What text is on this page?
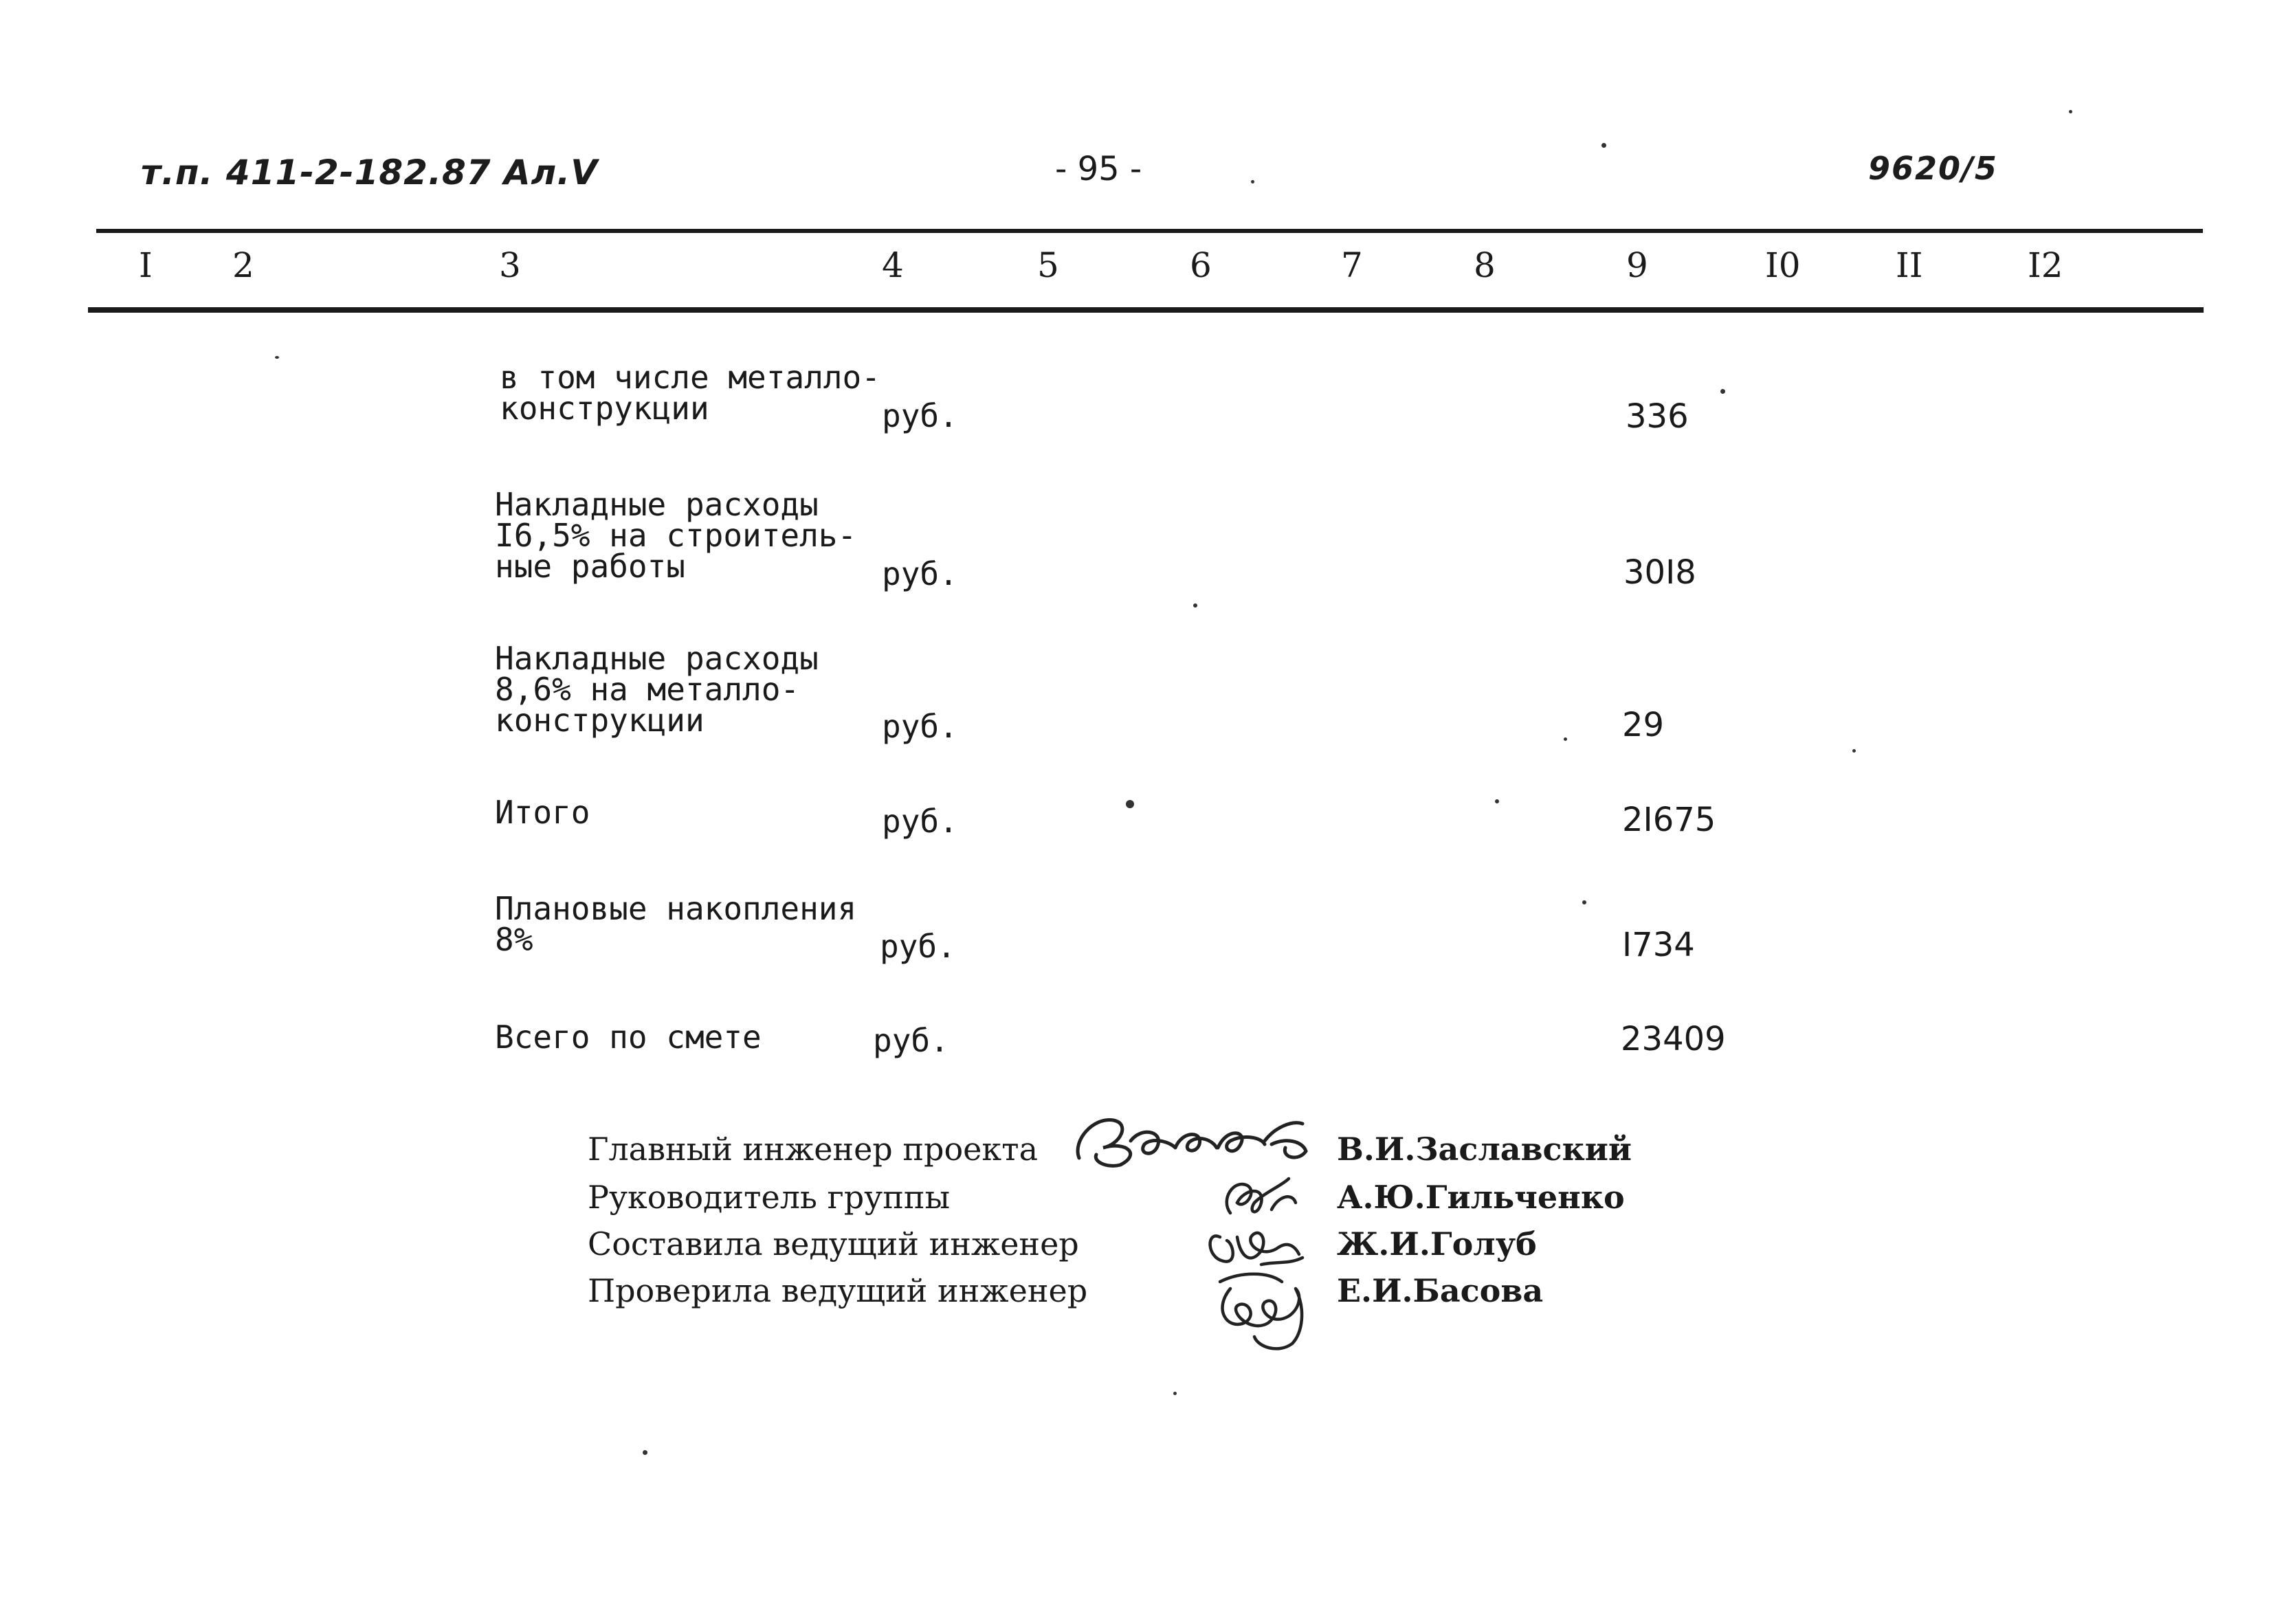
т.п. 411-2-182.87 Ал.V	- 95 -	9620/5
I 2	3	4	5	6	7	8	9	I0	II	I2
в том числе металло-
конструкции	руб.	336
Накладные расходы
I6,5% на строитель-
ные работы	руб.	30I8
Накладные расходы
8,6% на металло-
конструкции	руб.	29
Итого	руб.	2I675
Плановые накопления
8%	руб.	I734
Всего по смете	руб.	23409
Главный инженер проекта	В.И.Заславский
Руководитель группы	А.Ю.Гильченко
Составила ведущий инженер	Ж.И.Голуб
Проверила ведущий инженер	Е.И.Басова
